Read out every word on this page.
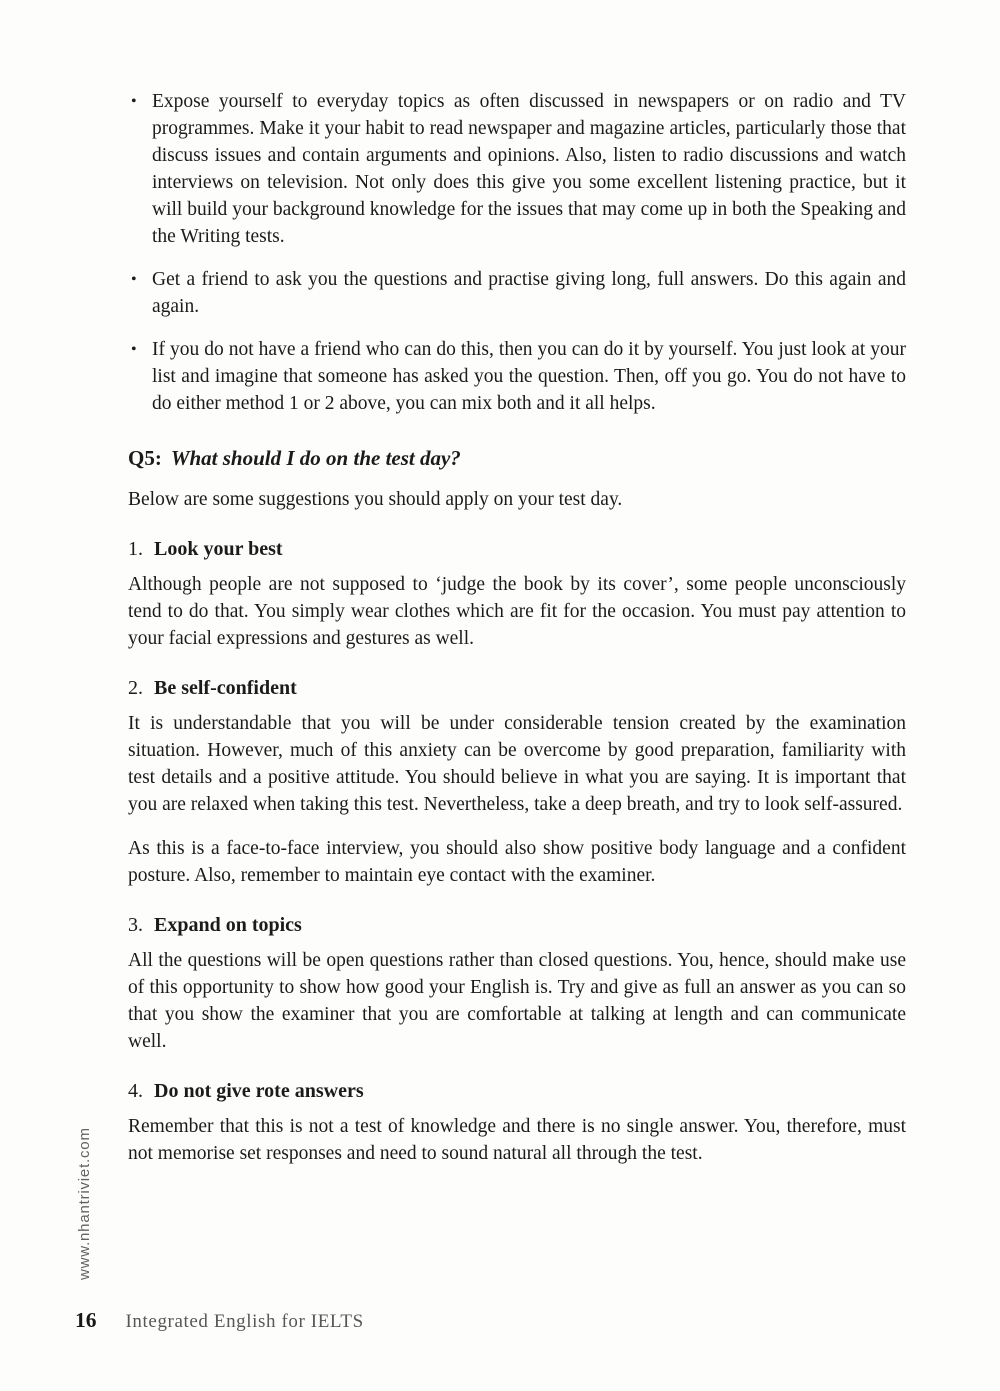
• Expose yourself to everyday topics as often discussed in newspapers or on radio and TV programmes. Make it your habit to read newspaper and magazine articles, particularly those that discuss issues and contain arguments and opinions. Also, listen to radio discussions and watch interviews on television. Not only does this give you some excellent listening practice, but it will build your background knowledge for the issues that may come up in both the Speaking and the Writing tests.
• Get a friend to ask you the questions and practise giving long, full answers. Do this again and again.
• If you do not have a friend who can do this, then you can do it by yourself. You just look at your list and imagine that someone has asked you the question. Then, off you go. You do not have to do either method 1 or 2 above, you can mix both and it all helps.
Q5: What should I do on the test day?
Below are some suggestions you should apply on your test day.
1. Look your best
Although people are not supposed to ‘judge the book by its cover’, some people unconsciously tend to do that. You simply wear clothes which are fit for the occasion. You must pay attention to your facial expressions and gestures as well.
2. Be self-confident
It is understandable that you will be under considerable tension created by the examination situation. However, much of this anxiety can be overcome by good preparation, familiarity with test details and a positive attitude. You should believe in what you are saying. It is important that you are relaxed when taking this test. Nevertheless, take a deep breath, and try to look self-assured.
As this is a face-to-face interview, you should also show positive body language and a confident posture. Also, remember to maintain eye contact with the examiner.
3. Expand on topics
All the questions will be open questions rather than closed questions. You, hence, should make use of this opportunity to show how good your English is. Try and give as full an answer as you can so that you show the examiner that you are comfortable at talking at length and can communicate well.
4. Do not give rote answers
Remember that this is not a test of knowledge and there is no single answer. You, therefore, must not memorise set responses and need to sound natural all through the test.
www.nhantriviet.com
16 Integrated English for IELTS
